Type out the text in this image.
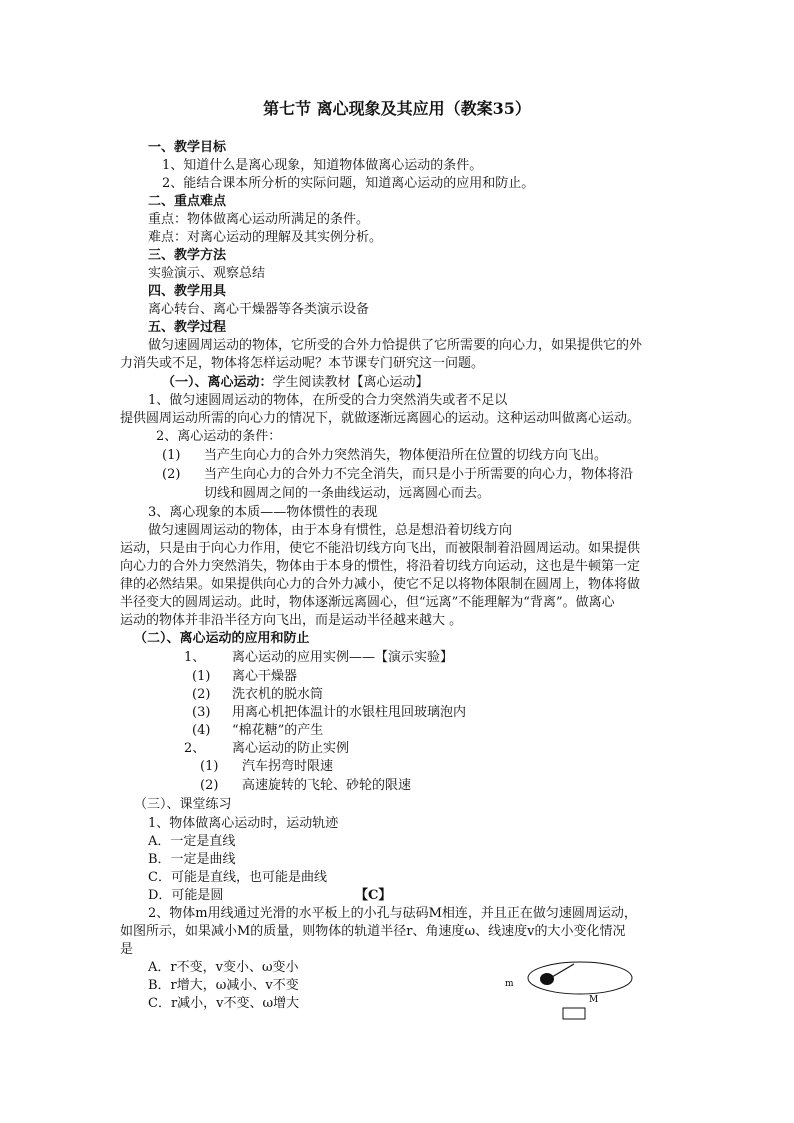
第七节 离心现象及其应用（教案35）
一、教学目标
1、知道什么是离心现象，知道物体做离心运动的条件。
2、能结合课本所分析的实际问题，知道离心运动的应用和防止。
二、重点难点
重点：物体做离心运动所满足的条件。
难点：对离心运动的理解及其实例分析。
三、教学方法
实验演示、观察总结
四、教学用具
离心转台、离心干燥器等各类演示设备
五、教学过程
做匀速圆周运动的物体，它所受的合外力恰提供了它所需要的向心力，如果提供它的外
力消失或不足，物体将怎样运动呢？本节课专门研究这一问题。
（一）、离心运动：学生阅读教材【离心运动】
1、做匀速圆周运动的物体，在所受的合力突然消失或者不足以
提供圆周运动所需的向心力的情况下，就做逐渐远离圆心的运动。这种运动叫做离心运动。
2、离心运动的条件：
(1) 当产生向心力的合外力突然消失，物体便沿所在位置的切线方向飞出。
(2) 当产生向心力的合外力不完全消失，而只是小于所需要的向心力，物体将沿
切线和圆周之间的一条曲线运动，远离圆心而去。
3、离心现象的本质——物体惯性的表现
做匀速圆周运动的物体，由于本身有惯性，总是想沿着切线方向
运动，只是由于向心力作用，使它不能沿切线方向飞出，而被限制着沿圆周运动。如果提供
向心力的合外力突然消失，物体由于本身的惯性，将沿着切线方向运动，这也是牛顿第一定
律的必然结果。如果提供向心力的合外力减小，使它不足以将物体限制在圆周上，物体将做
半径变大的圆周运动。此时，物体逐渐远离圆心，但“远离”不能理解为“背离”。做离心
运动的物体并非沿半径方向飞出，而是运动半径越来越大 。
（二）、离心运动的应用和防止
1、 离心运动的应用实例——【演示实验】
(1) 离心干燥器
(2) 洗衣机的脱水筒
(3) 用离心机把体温计的水银柱甩回玻璃泡内
(4) “棉花糖”的产生
2、 离心运动的防止实例
(1) 汽车拐弯时限速
(2) 高速旋转的飞轮、砂轮的限速
（三）、课堂练习
1、物体做离心运动时，运动轨迹
A．一定是直线
B．一定是曲线
C．可能是直线，也可能是曲线
D．可能是圆	【C】
2、物体m用线通过光滑的水平板上的小孔与砝码M相连，并且正在做匀速圆周运动，
如图所示，如果减小M的质量，则物体的轨道半径r、角速度ω、线速度v的大小变化情况
是
A．r不变，v变小、ω变小
B．r增大，ω减小、v不变
C．r减小，v不变、ω增大
m
M
